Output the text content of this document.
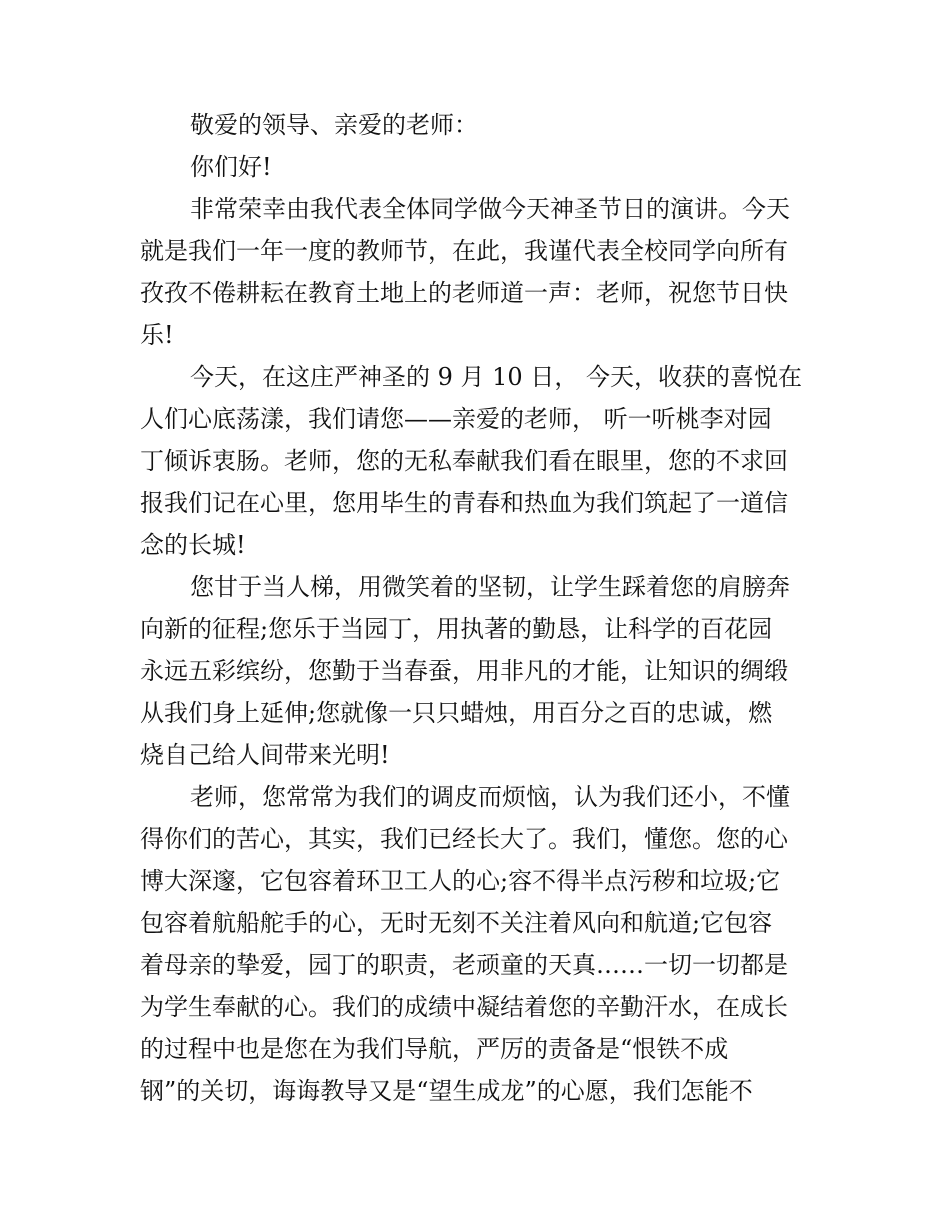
敬爱的领导、亲爱的老师：
你们好!
非常荣幸由我代表全体同学做今天神圣节日的演讲。今天
就是我们一年一度的教师节，在此，我谨代表全校同学向所有
孜孜不倦耕耘在教育土地上的老师道一声：老师，祝您节日快
乐!
今天，在这庄严神圣的 9 月 10 日， 今天，收获的喜悦在
人们心底荡漾，我们请您——亲爱的老师， 听一听桃李对园
丁倾诉衷肠。老师，您的无私奉献我们看在眼里，您的不求回
报我们记在心里，您用毕生的青春和热血为我们筑起了一道信
念的长城!
您甘于当人梯，用微笑着的坚韧，让学生踩着您的肩膀奔
向新的征程;您乐于当园丁，用执著的勤恳，让科学的百花园
永远五彩缤纷，您勤于当春蚕，用非凡的才能，让知识的绸缎
从我们身上延伸;您就像一只只蜡烛，用百分之百的忠诚，燃
烧自己给人间带来光明!
老师，您常常为我们的调皮而烦恼，认为我们还小，不懂
得你们的苦心，其实，我们已经长大了。我们，懂您。您的心
博大深邃，它包容着环卫工人的心;容不得半点污秽和垃圾;它
包容着航船舵手的心，无时无刻不关注着风向和航道;它包容
着母亲的挚爱，园丁的职责，老顽童的天真……一切一切都是
为学生奉献的心。我们的成绩中凝结着您的辛勤汗水，在成长
的过程中也是您在为我们导航，严厉的责备是“恨铁不成
钢”的关切，诲诲教导又是“望生成龙”的心愿，我们怎能不
